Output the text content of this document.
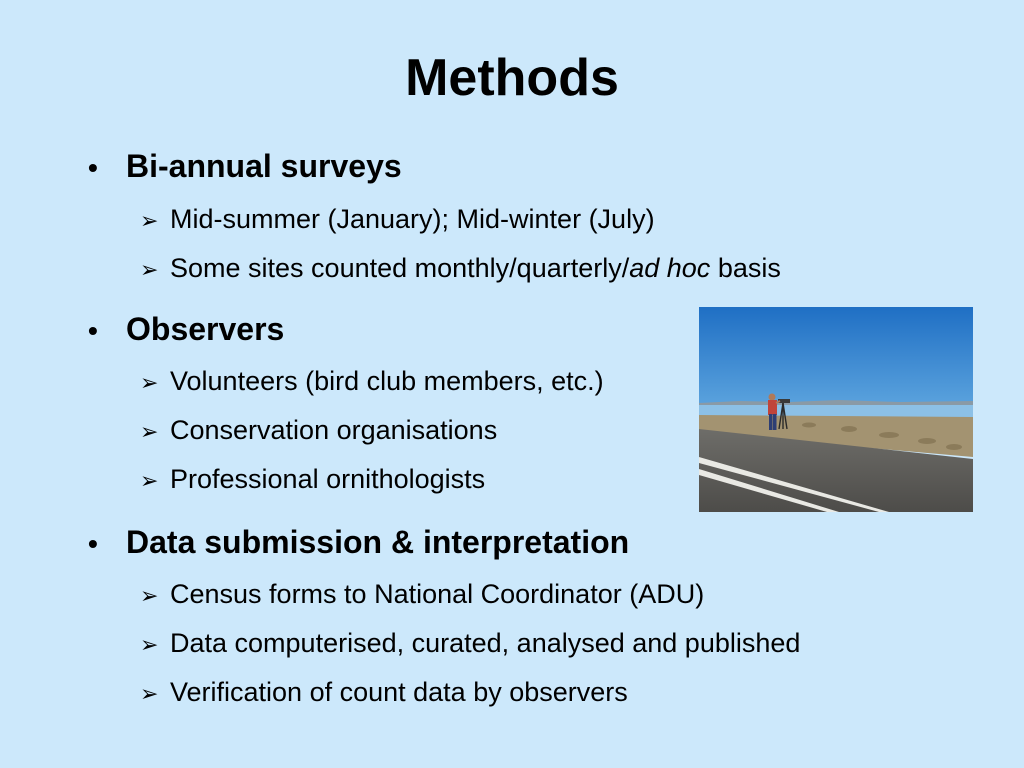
Methods
• Bi-annual surveys
➢ Mid-summer (January); Mid-winter (July)
➢ Some sites counted monthly/quarterly/ad hoc basis
• Observers
➢ Volunteers (bird club members, etc.)
➢ Conservation organisations
➢ Professional ornithologists
• Data submission & interpretation
➢ Census forms to National Coordinator (ADU)
➢ Data computerised, curated, analysed and published
➢ Verification of count data by observers
